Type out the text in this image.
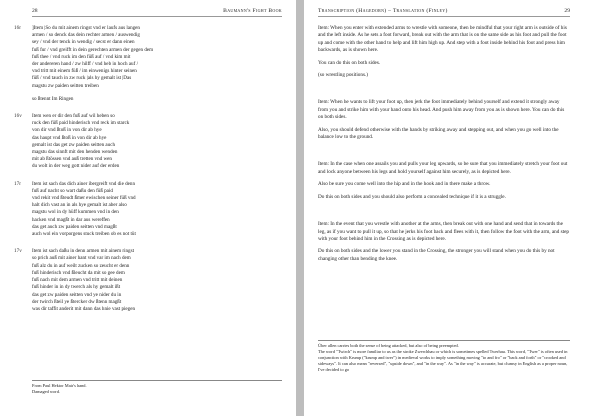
28	Baumann's Fight Book
16r ]Item |So du mit ainem ringst vnd er laufs aus langen
armen / so denck das dein rechter armen / auswendig
sey / vnd der tenck in wendig / secst er dann einen
fuß fur / vnd greifft in dein gerechten armen der gegen dem
fuß thee / vnd ruck im den füß auf / vnd kim mit
der andereren hand / zw hilff / vnd heb in hoch auf /
vnd tritt mit einem füß / im einwenigs hinter seinen
füß / vnd tauch in zw ruck |als hy gemalt ist |Das
magstu zw paiden seitten treiben
so ßtennt Im Ringen
16v Item wen er dir den fuß auf wil heben so
ruck den füß paid hinderisch vnd reck im starck
von dir vnd ßtoß in von dir ab hye
das haupt vnd ßtoß in von dir ab hye
gemalt ist das get zw paiden seitten auch
magstu das sinnft mit den henden wenden
mit ab ßtössen vnd auß tretten vnd wen
du wolt in der weg gott nider auf der erden
17r Item ist sach das dich ainer ibergreift vnd die denn
fuß auf nacht so wart daßu den füß paid
vnd rekit vnd ßteudt ßmer ewischen seiner füß vnd
halt dich vast an in als hye gemalt ist aber also
magstu wol in dy hüff kummen vnd in den
hacken vnd magßt in dar aus wereffen
das get auch zw paiden seitten vnd magßt
auch wol ein vorporgens stuck treiben ob es not tüt
17v Item ist sach daßu in denn armen mit ainem ringst
so prich auß mit ainer hant vnd var im nach dem
fuß alz du in auf weilt zucken so zeucht er denn
fuß hinderisch vnd ßleucht da mit so gee dem
fuß nach mit dem armen vnd tritt mit deinen
fuß hinder in in dy twerch als hy gemalt ißt
das get zw paiden seitten vnd ye nider du in
der twirch ßteil ye ßtercker dw ßtenn magßt
was dir taffit anderit mit dann das hnie vast piegen
From Paul Hektor Mair's hand.
Damaged word.
Transcription (Hagedorn) – Translation (Finley)	29

Item: When you enter with extended arms to wrestle with someone, then be mindful that your right arm is outside of his and the left inside. As he sets a foot forward, break out with the arm that is on the same side as his foot and pull the foot up and come with the other hand to help and lift him high up. And step with a foot inside behind his foot and press him backwards, as is shown here.

You can do this on both sides.

(so wrestling positions.)

Item: When he wants to lift your foot up, then jerk the foot immediately behind yourself and extend it strongly away from you and strike him with your hand onto his head. And push him away from you as is shown here. You can do this on both sides.

Also, you should defend otherwise with the hands by striking away and stepping out, and when you go well into the balance low to the ground.

Item: In the case when one assails you and pulls your leg upwards, so be sure that you immediately stretch your foot out and lock anyone between his legs and hold yourself against him securely, as is depicted here.

Also be sure you come well into the hip and in the hook and in there make a throw.

Do this on both sides and you should also perform a concealed technique if it is a struggle.

Item: In the event that you wrestle with another at the arms, then break out with one hand and send that in towards the leg, as if you want to pull it up, so that he jerks his foot back and flees with it, then follow the foot with the arm, and step with your foot behind him in the Crossing as is depicted here.

Do this on both sides and the lower you stand in the Crossing, the stronger you will stand when you do this by not changing other than bending the knee.

Über allen carries both the sense of being attacked, but also of being preempted.
The word "Twirch" is more familiar to us as the stroke Zwerchhau or which is sometimes spelled Twerhau. This word, "Twer" is often used in conjunction with Krump ("krump and twer") in medieval works to imply something moving "to and fro" or "back and forth" or "crooked and sideways". It can also mean "reversed", "upside down", and "in the way". As "in the way" is accurate, but clumsy in English as a proper noun, I've decided to go
